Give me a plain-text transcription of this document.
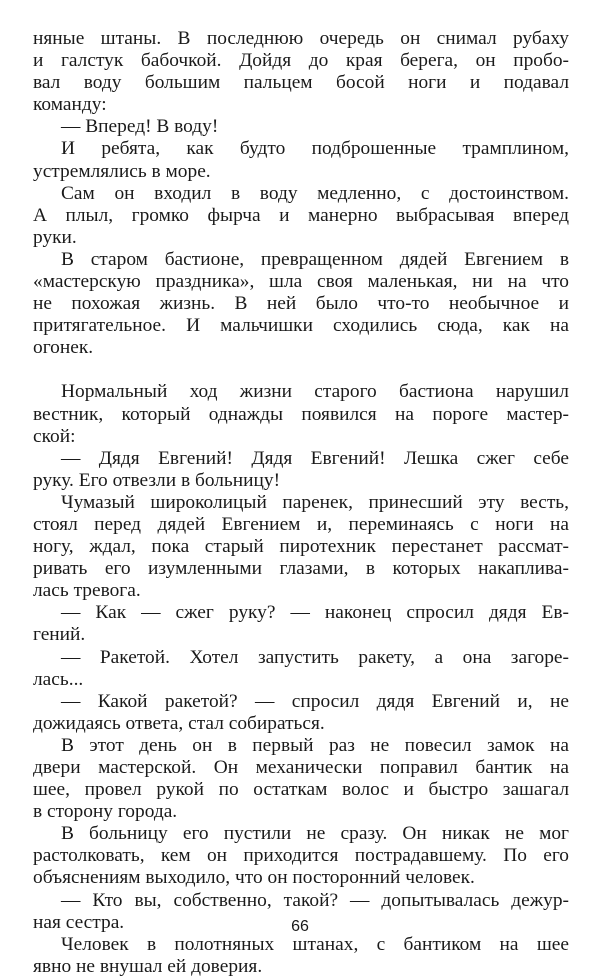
няные штаны. В последнюю очередь он снимал рубаху
и галстук бабочкой. Дойдя до края берега, он пробо-
вал воду большим пальцем босой ноги и подавал
команду:
— Вперед! В воду!
И ребята, как будто подброшенные трамплином,
устремлялись в море.
Сам он входил в воду медленно, с достоинством.
А плыл, громко фырча и манерно выбрасывая вперед
руки.
В старом бастионе, превращенном дядей Евгением в
«мастерскую праздника», шла своя маленькая, ни на что
не похожая жизнь. В ней было что-то необычное и
притягательное. И мальчишки сходились сюда, как на
огонек.
Нормальный ход жизни старого бастиона нарушил
вестник, который однажды появился на пороге мастер-
ской:
— Дядя Евгений! Дядя Евгений! Лешка сжег себе
руку. Его отвезли в больницу!
Чумазый широколицый паренек, принесший эту весть,
стоял перед дядей Евгением и, переминаясь с ноги на
ногу, ждал, пока старый пиротехник перестанет рассмат-
ривать его изумленными глазами, в которых накаплива-
лась тревога.
— Как — сжег руку? — наконец спросил дядя Ев-
гений.
— Ракетой. Хотел запустить ракету, а она загоре-
лась...
— Какой ракетой? — спросил дядя Евгений и, не
дожидаясь ответа, стал собираться.
В этот день он в первый раз не повесил замок на
двери мастерской. Он механически поправил бантик на
шее, провел рукой по остаткам волос и быстро зашагал
в сторону города.
В больницу его пустили не сразу. Он никак не мог
растолковать, кем он приходится пострадавшему. По его
объяснениям выходило, что он посторонний человек.
— Кто вы, собственно, такой? — допытывалась дежур-
ная сестра.
Человек в полотняных штанах, с бантиком на шее
явно не внушал ей доверия.
66
